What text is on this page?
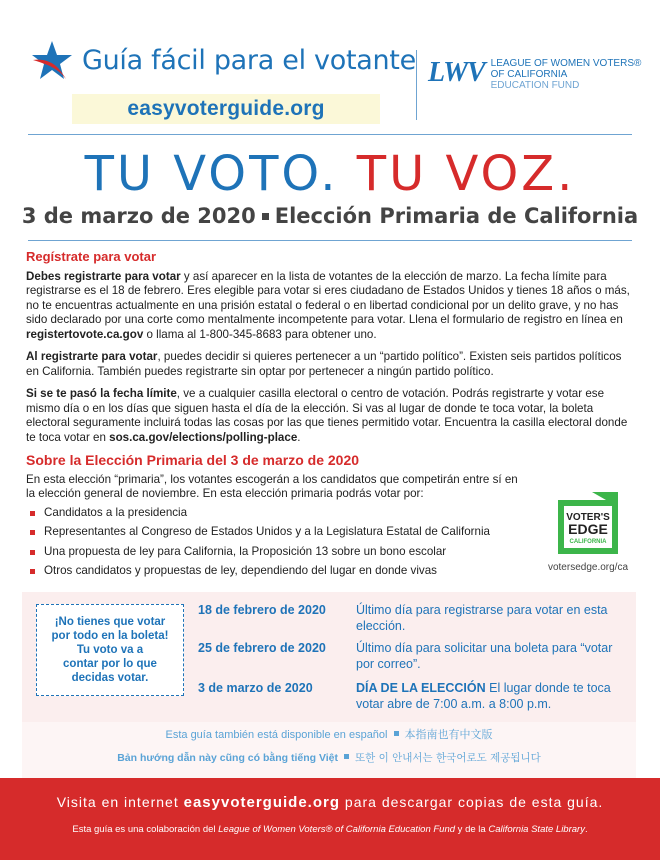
Guía fácil para el votante
easyvoterguide.org
LWV LEAGUE OF WOMEN VOTERS®
OF CALIFORNIA
EDUCATION FUND
TU VOTO. TU VOZ.
3 de marzo de 2020 Elección Primaria de California
Regístrate para votar

Debes registrarte para votar y así aparecer en la lista de votantes de la elección de marzo. La fecha límite para registrarse es el 18 de febrero. Eres elegible para votar si eres ciudadano de Estados Unidos y tienes 18 años o más, no te encuentras actualmente en una prisión estatal o federal o en libertad condicional por un delito grave, y no has sido declarado por una corte como mentalmente incompetente para votar. Llena el formulario de registro en línea en registertovote.ca.gov o llama al 1-800-345-8683 para obtener uno.

Al registrarte para votar, puedes decidir si quieres pertenecer a un “partido político”. Existen seis partidos políticos en California. También puedes registrarte sin optar por pertenecer a ningún partido político.

Si se te pasó la fecha límite, ve a cualquier casilla electoral o centro de votación. Podrás registrarte y votar ese mismo día o en los días que siguen hasta el día de la elección. Si vas al lugar de donde te toca votar, la boleta electoral seguramente incluirá todas las cosas por las que tienes permitido votar. Encuentra la casilla electoral donde te toca votar en sos.ca.gov/elections/polling-place.

Sobre la Elección Primaria del 3 de marzo de 2020

En esta elección “primaria”, los votantes escogerán a los candidatos que competirán entre sí en la elección general de noviembre. En esta elección primaria podrás votar por:

Candidatos a la presidencia
Representantes al Congreso de Estados Unidos y a la Legislatura Estatal de California
Una propuesta de ley para California, la Proposición 13 sobre un bono escolar
Otros candidatos y propuestas de ley, dependiendo del lugar en donde vivas
VOTER'S
EDGE
CALIFORNIA
votersedge.org/ca
¡No tienes que votar
por todo en la boleta!
Tu voto va a
contar por lo que
decidas votar.
18 de febrero de 2020	Último día para registrarse para votar en esta elección.
25 de febrero de 2020	Último día para solicitar una boleta para “votar por correo”.
3 de marzo de 2020	DÍA DE LA ELECCIÓN El lugar donde te toca votar abre de 7:00 a.m. a 8:00 p.m.
Esta guía también está disponible en español 本指南也有中文版
Bản hướng dẫn này cũng có bằng tiếng Việt 또한 이 안내서는 한국어로도 제공됩니다
Visita en internet easyvoterguide.org para descargar copias de esta guía.
Esta guía es una colaboración del League of Women Voters® of California Education Fund y de la California State Library.
